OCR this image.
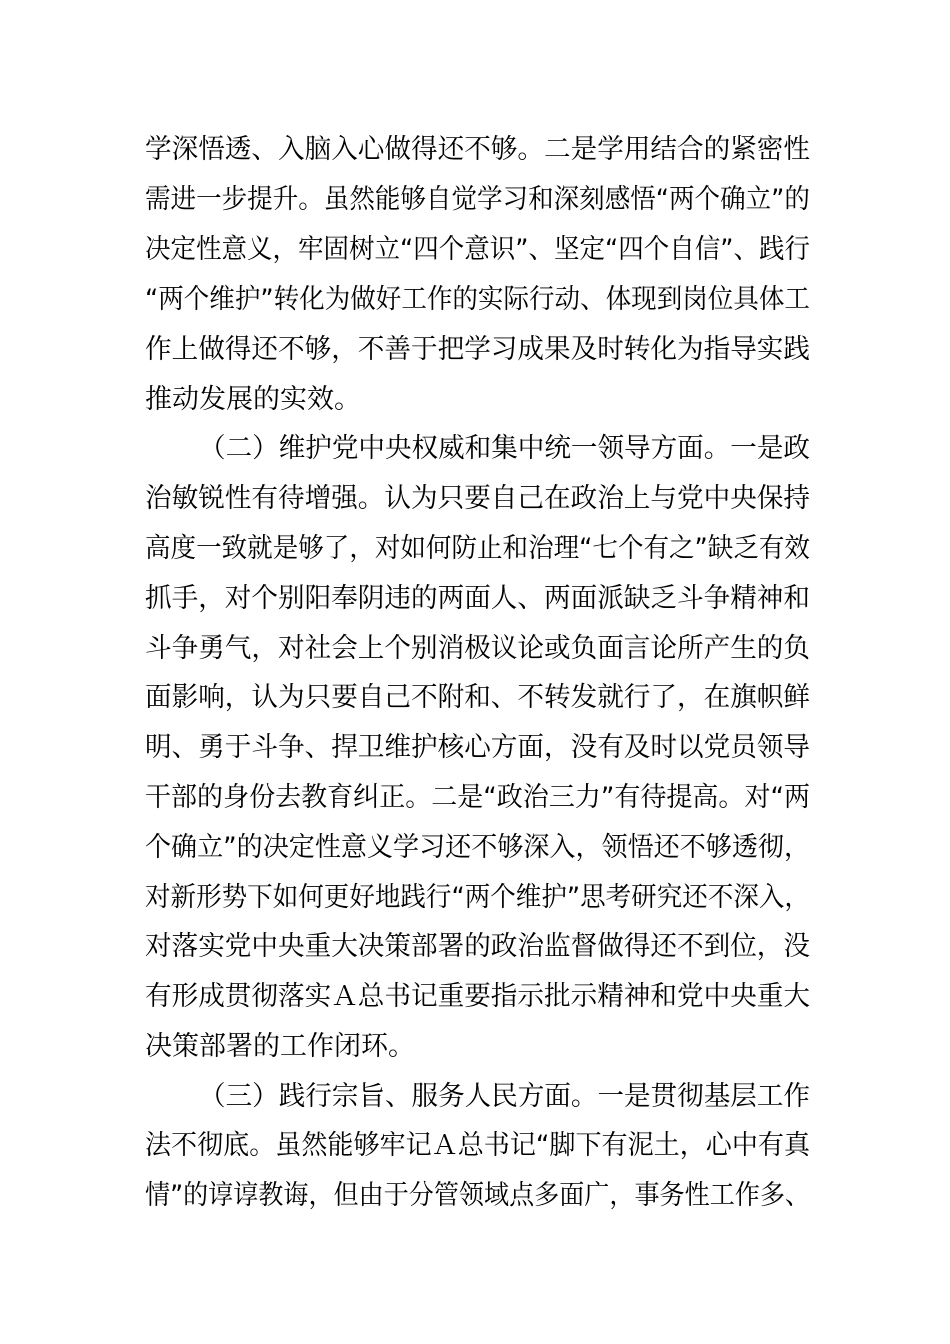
学深悟透、入脑入心做得还不够。二是学用结合的紧密性
需进一步提升。虽然能够自觉学习和深刻感悟“两个确立”的
决定性意义，牢固树立“四个意识”、坚定“四个自信”、践行
“两个维护”转化为做好工作的实际行动、体现到岗位具体工
作上做得还不够，不善于把学习成果及时转化为指导实践
推动发展的实效。
（二）维护党中央权威和集中统一领导方面。一是政
治敏锐性有待增强。认为只要自己在政治上与党中央保持
高度一致就是够了，对如何防止和治理“七个有之”缺乏有效
抓手，对个别阳奉阴违的两面人、两面派缺乏斗争精神和
斗争勇气，对社会上个别消极议论或负面言论所产生的负
面影响，认为只要自己不附和、不转发就行了，在旗帜鲜
明、勇于斗争、捍卫维护核心方面，没有及时以党员领导
干部的身份去教育纠正。二是“政治三力”有待提高。对“两
个确立”的决定性意义学习还不够深入，领悟还不够透彻，
对新形势下如何更好地践行“两个维护”思考研究还不深入，
对落实党中央重大决策部署的政治监督做得还不到位，没
有形成贯彻落实Ａ总书记重要指示批示精神和党中央重大
决策部署的工作闭环。
（三）践行宗旨、服务人民方面。一是贯彻基层工作
法不彻底。虽然能够牢记Ａ总书记“脚下有泥土，心中有真
情”的谆谆教诲，但由于分管领域点多面广，事务性工作多、
